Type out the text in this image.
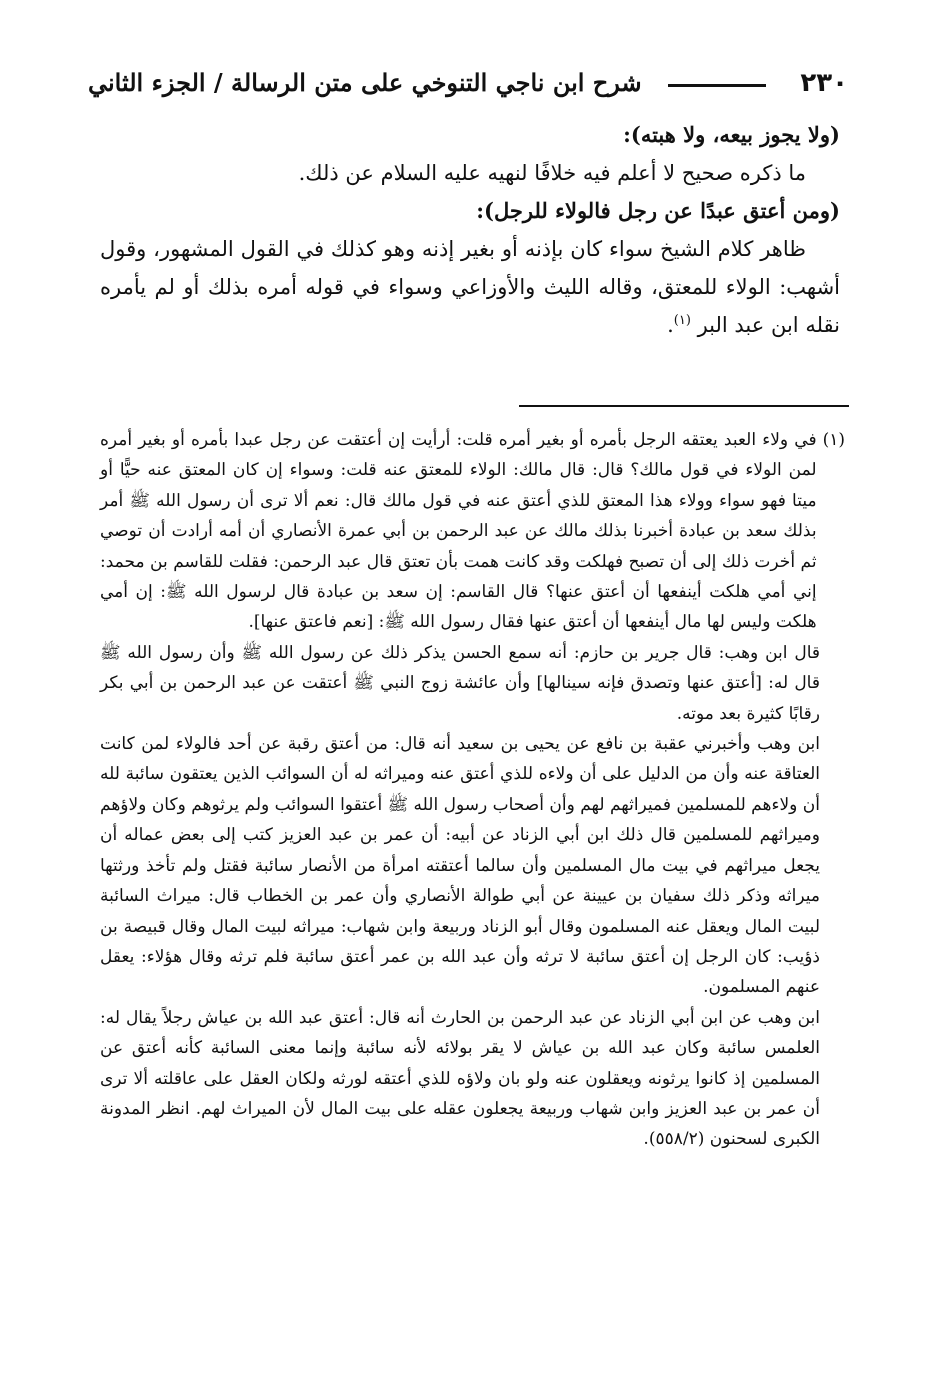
٢٣٠
شرح ابن ناجي التنوخي على متن الرسالة / الجزء الثاني

(ولا يجوز بيعه، ولا هبته):

ما ذكره صحيح لا أعلم فيه خلافًا لنهيه عليه السلام عن ذلك.

(ومن أعتق عبدًا عن رجل فالولاء للرجل):

ظاهر كلام الشيخ سواء كان بإذنه أو بغير إذنه وهو كذلك في القول المشهور، وقول أشهب: الولاء للمعتق، وقاله الليث والأوزاعي وسواء في قوله أمره بذلك أو لم يأمره نقله ابن عبد البر $^{(١)}$.

(١)

في ولاء العبد يعتقه الرجل بأمره أو بغير أمره قلت: أرأيت إن أعتقت عن رجل عبدا بأمره أو بغير أمره لمن الولاء في قول مالك؟ قال: قال مالك: الولاء للمعتق عنه قلت: وسواء إن كان المعتق عنه حيًّا أو ميتا فهو سواء وولاء هذا المعتق للذي أعتق عنه في قول مالك قال: نعم ألا ترى أن رسول الله ﷺ أمر بذلك سعد بن عبادة أخبرنا بذلك مالك عن عبد الرحمن بن أبي عمرة الأنصاري أن أمه أرادت أن توصي ثم أخرت ذلك إلى أن تصبح فهلكت وقد كانت همت بأن تعتق قال عبد الرحمن: فقلت للقاسم بن محمد: إني أمي هلكت أينفعها أن أعتق عنها؟ قال القاسم: إن سعد بن عبادة قال لرسول الله ﷺ: إن أمي هلكت وليس لها مال أينفعها أن أعتق عنها فقال رسول الله ﷺ: [نعم فاعتق عنها].

قال ابن وهب: قال جرير بن حازم: أنه سمع الحسن يذكر ذلك عن رسول الله ﷺ وأن رسول الله ﷺ قال له: [أعتق عنها وتصدق فإنه سينالها] وأن عائشة زوج النبي ﷺ أعتقت عن عبد الرحمن بن أبي بكر رقابًا كثيرة بعد موته.

ابن وهب وأخبرني عقبة بن نافع عن يحيى بن سعيد أنه قال: من أعتق رقبة عن أحد فالولاء لمن كانت العتاقة عنه وأن من الدليل على أن ولاءه للذي أعتق عنه وميراثه له أن السوائب الذين يعتقون سائبة لله أن ولاءهم للمسلمين فميراثهم لهم وأن أصحاب رسول الله ﷺ أعتقوا السوائب ولم يرثوهم وكان ولاؤهم وميراثهم للمسلمين قال ذلك ابن أبي الزناد عن أبيه: أن عمر بن عبد العزيز كتب إلى بعض عماله أن يجعل ميراثهم في بيت مال المسلمين وأن سالما أعتقته امرأة من الأنصار سائبة فقتل ولم تأخذ ورثتها ميراثه وذكر ذلك سفيان بن عيينة عن أبي طوالة الأنصاري وأن عمر بن الخطاب قال: ميراث السائبة لبيت المال ويعقل عنه المسلمون وقال أبو الزناد وربيعة وابن شهاب: ميراثه لبيت المال وقال قبيصة بن ذؤيب: كان الرجل إن أعتق سائبة لا ترثه وأن عبد الله بن عمر أعتق سائبة فلم ترثه وقال هؤلاء: يعقل عنهم المسلمون.

ابن وهب عن ابن أبي الزناد عن عبد الرحمن بن الحارث أنه قال: أعتق عبد الله بن عياش رجلاً يقال له: العلمس سائبة وكان عبد الله بن عياش لا يقر بولائه لأنه سائبة وإنما معنى السائبة كأنه أعتق عن المسلمين إذ كانوا يرثونه ويعقلون عنه ولو بان ولاؤه للذي أعتقه لورثه ولكان العقل على عاقلته ألا ترى أن عمر بن عبد العزيز وابن شهاب وربيعة يجعلون عقله على بيت المال لأن الميراث لهم. انظر المدونة الكبرى لسحنون (٥٥٨/٢).
